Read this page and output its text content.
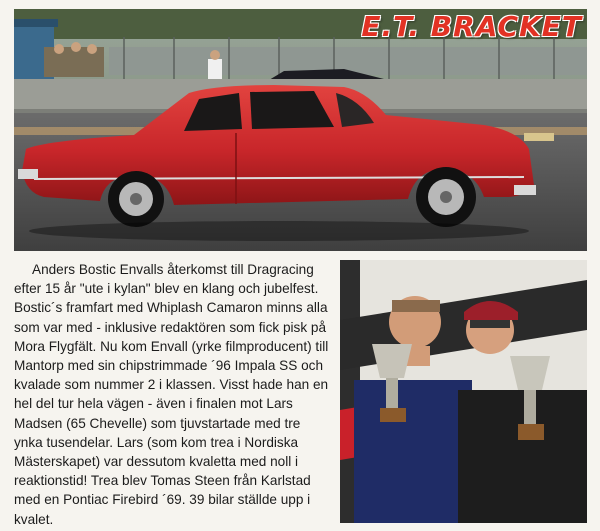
E.T. BRACKET

Anders Bostic Envalls återkomst till Dragracing efter 15 år "ute i kylan" blev en klang och jubelfest. Bostic´s framfart med Whiplash Camaron minns alla som var med - inklusive redaktören som fick pisk på Mora Flygfält. Nu kom Envall (yrke filmproducent) till Mantorp med sin chipstrimmade ´96 Impala SS och kvalade som nummer 2 i klassen. Visst hade han en hel del tur hela vägen - även i finalen mot Lars Madsen (65 Chevelle) som tjuvstartade med tre ynka tusendelar. Lars (som kom trea i Nordiska Mästerskapet) var dessutom kvaletta med noll i reaktionstid! Trea blev Tomas Steen från Karlstad med en Pontiac Firebird ´69. 39 bilar ställde upp i kvalet.
